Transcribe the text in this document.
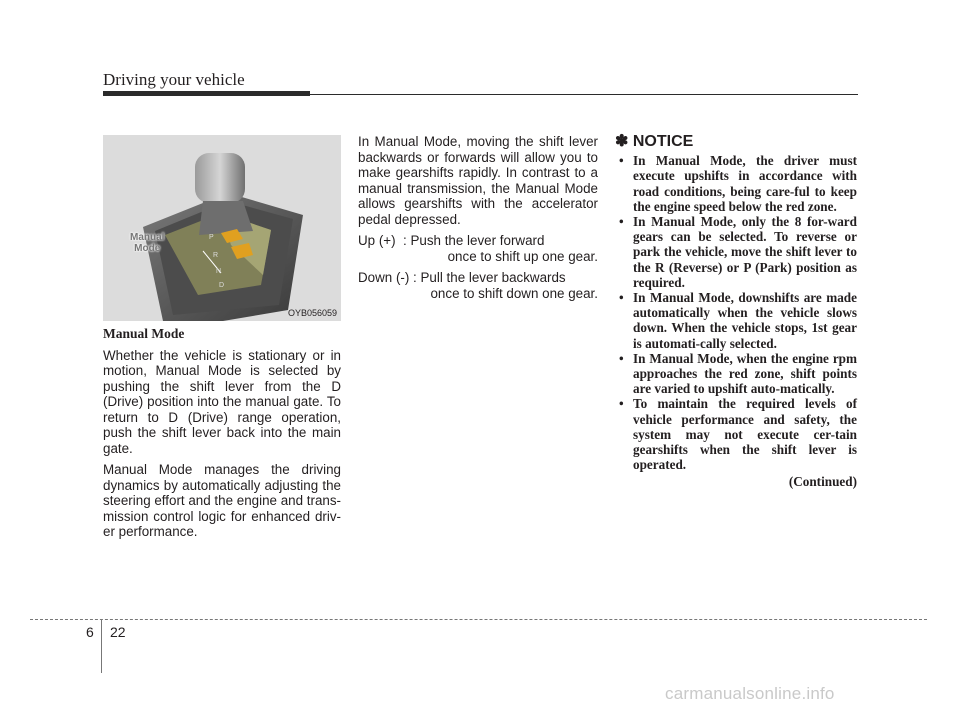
Driving your vehicle
P
R
N
D
Manual
Mode
OYB056059

Manual Mode

Whether the vehicle is stationary or in motion, Manual Mode is selected by pushing the shift lever from the D (Drive) position into the manual gate. To return to D (Drive) range operation, push the shift lever back into the main gate.

Manual Mode manages the driving dynamics by automatically adjusting the steering effort and the engine and trans-mission control logic for enhanced driv-er performance.

In Manual Mode, moving the shift lever backwards or forwards will allow you to make gearshifts rapidly. In contrast to a manual transmission, the Manual Mode allows gearshifts with the accelerator pedal depressed.

Up (+)  : Push the lever forward
once to shift up one gear.
Down (-) : Pull the lever backwards
once to shift down one gear.
✽ NOTICE
• In Manual Mode, the driver must execute upshifts in accordance with road conditions, being care-ful to keep the engine speed below the red zone.
• In Manual Mode, only the 8 for-ward gears can be selected. To reverse or park the vehicle, move the shift lever to the R (Reverse) or P (Park) position as required.
• In Manual Mode, downshifts are made automatically when the vehicle slows down. When the vehicle stops, 1st gear is automati-cally selected.
• In Manual Mode, when the engine rpm approaches the red zone, shift points are varied to upshift auto-matically.
• To maintain the required levels of vehicle performance and safety, the system may not execute cer-tain gearshifts when the shift lever is operated.
(Continued)
6 22
carmanualsonline.info
